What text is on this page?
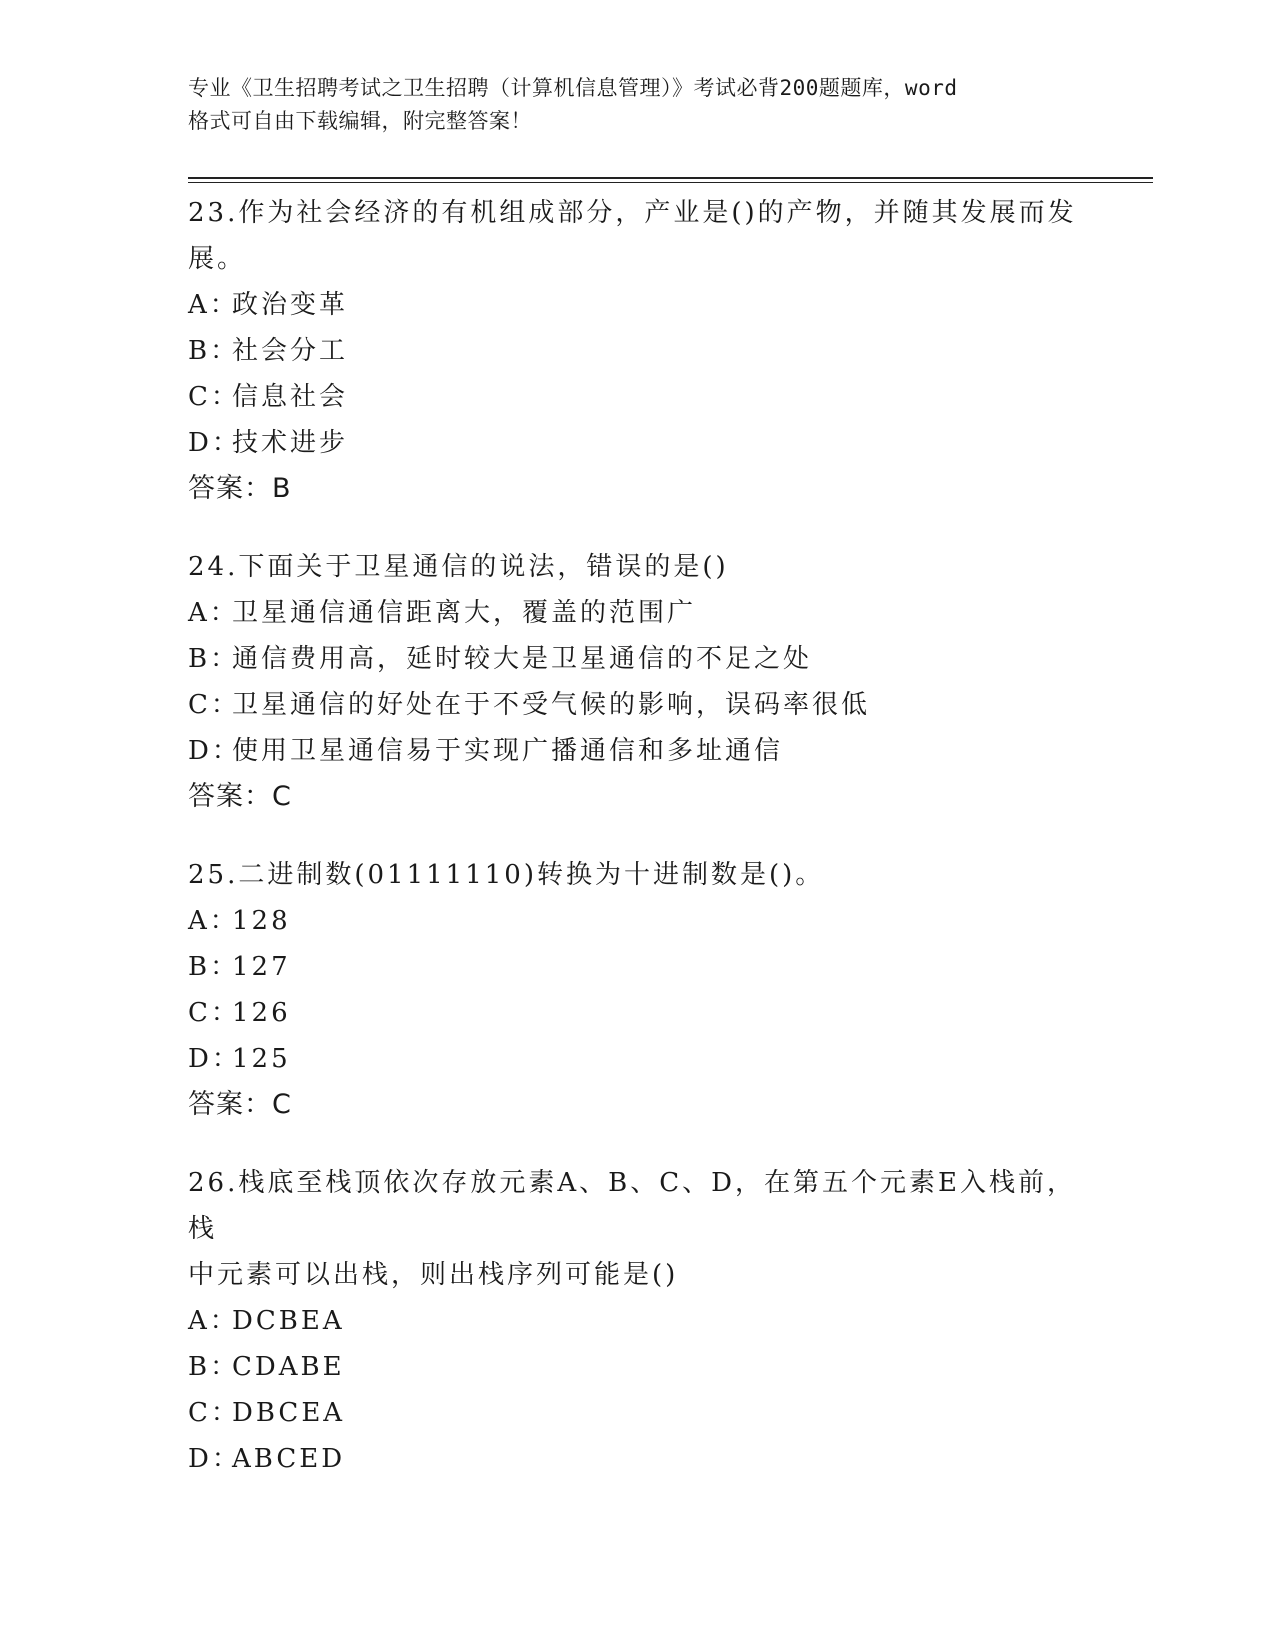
专业《卫生招聘考试之卫生招聘（计算机信息管理）》考试必背200题题库，word
格式可自由下载编辑，附完整答案！
23.作为社会经济的有机组成部分，产业是()的产物，并随其发展而发
展。
A：
政治变革
B：
社会分工
C：
信息社会
D：
技术进步
答案：B
24.下面关于卫星通信的说法，错误的是()
A：
卫星通信通信距离大，覆盖的范围广
B：
通信费用高，延时较大是卫星通信的不足之处
C：
卫星通信的好处在于不受气候的影响，误码率很低
D：
使用卫星通信易于实现广播通信和多址通信
答案：C
25.二进制数(01111110)转换为十进制数是()。
A：
128
B：
127
C：
126
D：
125
答案：C
26.栈底至栈顶依次存放元素A、B、C、D，在第五个元素E入栈前，栈
中元素可以出栈，则出栈序列可能是()
A：
DCBEA
B：
CDABE
C：
DBCEA
D：
ABCED
